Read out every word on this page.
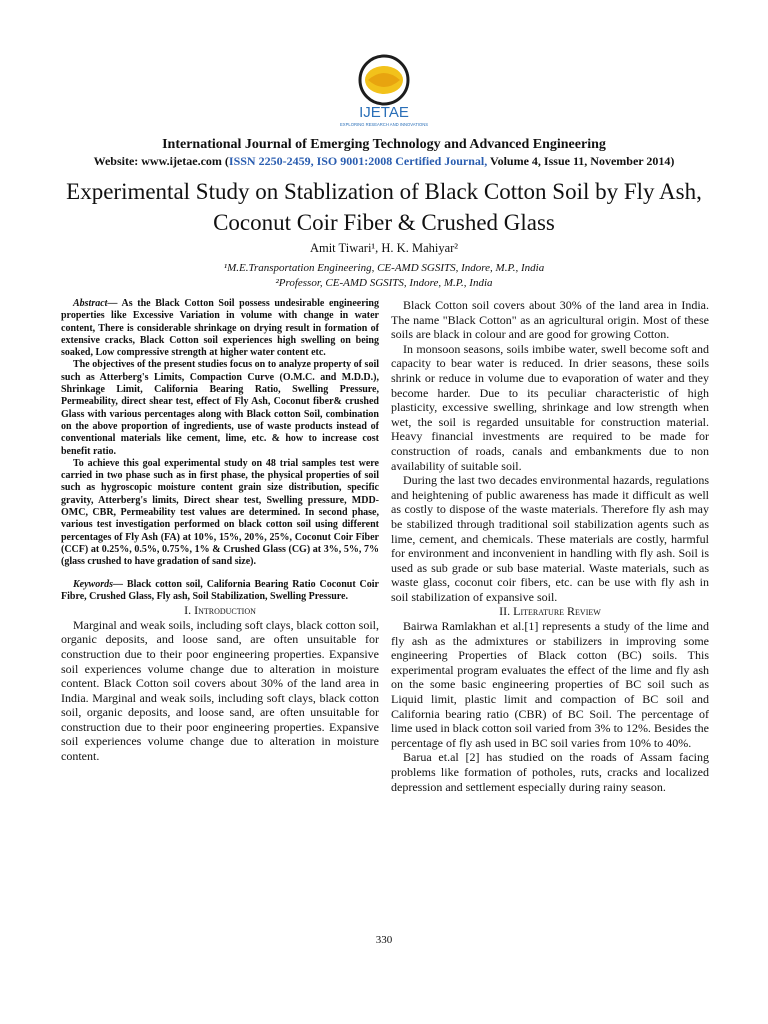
IJETAE
EXPLORING RESEARCH AND INNOVATIONS
International Journal of Emerging Technology and Advanced Engineering
Website: www.ijetae.com (ISSN 2250-2459, ISO 9001:2008 Certified Journal, Volume 4, Issue 11, November 2014)
Experimental Study on Stablization of Black Cotton Soil by Fly Ash, Coconut Coir Fiber & Crushed Glass
Amit Tiwari¹, H. K. Mahiyar²
¹M.E.Transportation Engineering, CE-AMD SGSITS, Indore, M.P., India
²Professor, CE-AMD SGSITS, Indore, M.P., India

Abstract— As the Black Cotton Soil possess undesirable engineering properties like Excessive Variation in volume with change in water content, There is considerable shrinkage on drying result in formation of extensive cracks, Black Cotton soil experiences high swelling on being soaked, Low compressive strength at higher water content etc.

The objectives of the present studies focus on to analyze property of soil such as Atterberg's Limits, Compaction Curve (O.M.C. and M.D.D.), Shrinkage Limit, California Bearing Ratio, Swelling Pressure, Permeability, direct shear test, effect of Fly Ash, Coconut fiber& crushed Glass with various percentages along with Black cotton Soil, combination on the above proportion of ingredients, use of waste products instead of conventional materials like cement, lime, etc. & how to increase cost benefit ratio.

To achieve this goal experimental study on 48 trial samples test were carried in two phase such as in first phase, the physical properties of soil such as hygroscopic moisture content grain size distribution, specific gravity, Atterberg's limits, Direct shear test, Swelling pressure, MDD-OMC, CBR, Permeability test values are determined. In second phase, various test investigation performed on black cotton soil using different percentages of Fly Ash (FA) at 10%, 15%, 20%, 25%, Coconut Coir Fiber (CCF) at 0.25%, 0.5%, 0.75%, 1% & Crushed Glass (CG) at 3%, 5%, 7% (glass crushed to have gradation of sand size).

Keywords— Black cotton soil, California Bearing Ratio Coconut Coir Fibre, Crushed Glass, Fly ash, Soil Stabilization, Swelling Pressure.

I. Introduction

Marginal and weak soils, including soft clays, black cotton soil, organic deposits, and loose sand, are often unsuitable for construction due to their poor engineering properties. Expansive soil experiences volume change due to alteration in moisture content. Black Cotton soil covers about 30% of the land area in India. Marginal and weak soils, including soft clays, black cotton soil, organic deposits, and loose sand, are often unsuitable for construction due to their poor engineering properties. Expansive soil experiences volume change due to alteration in moisture content.

Black Cotton soil covers about 30% of the land area in India. The name "Black Cotton" as an agricultural origin. Most of these soils are black in colour and are good for growing Cotton.

In monsoon seasons, soils imbibe water, swell become soft and capacity to bear water is reduced. In drier seasons, these soils shrink or reduce in volume due to evaporation of water and they become harder. Due to its peculiar characteristic of high plasticity, excessive swelling, shrinkage and low strength when wet, the soil is regarded unsuitable for construction material. Heavy financial investments are required to be made for construction of roads, canals and embankments due to non availability of suitable soil.

During the last two decades environmental hazards, regulations and heightening of public awareness has made it difficult as well as costly to dispose of the waste materials. Therefore fly ash may be stabilized through traditional soil stabilization agents such as lime, cement, and chemicals. These materials are costly, harmful for environment and inconvenient in handling with fly ash. Soil is used as sub grade or sub base material. Waste materials, such as waste glass, coconut coir fibers, etc. can be use with fly ash in soil stabilization of expansive soil.

II. Literature Review

Bairwa Ramlakhan et al.[1] represents a study of the lime and fly ash as the admixtures or stabilizers in improving some engineering Properties of Black cotton (BC) soils. This experimental program evaluates the effect of the lime and fly ash on the some basic engineering properties of BC soil such as Liquid limit, plastic limit and compaction of BC soil and California bearing ratio (CBR) of BC Soil. The percentage of lime used in black cotton soil varied from 3% to 12%. Besides the percentage of fly ash used in BC soil varies from 10% to 40%.

Barua et.al [2] has studied on the roads of Assam facing problems like formation of potholes, ruts, cracks and localized depression and settlement especially during rainy season.

330
